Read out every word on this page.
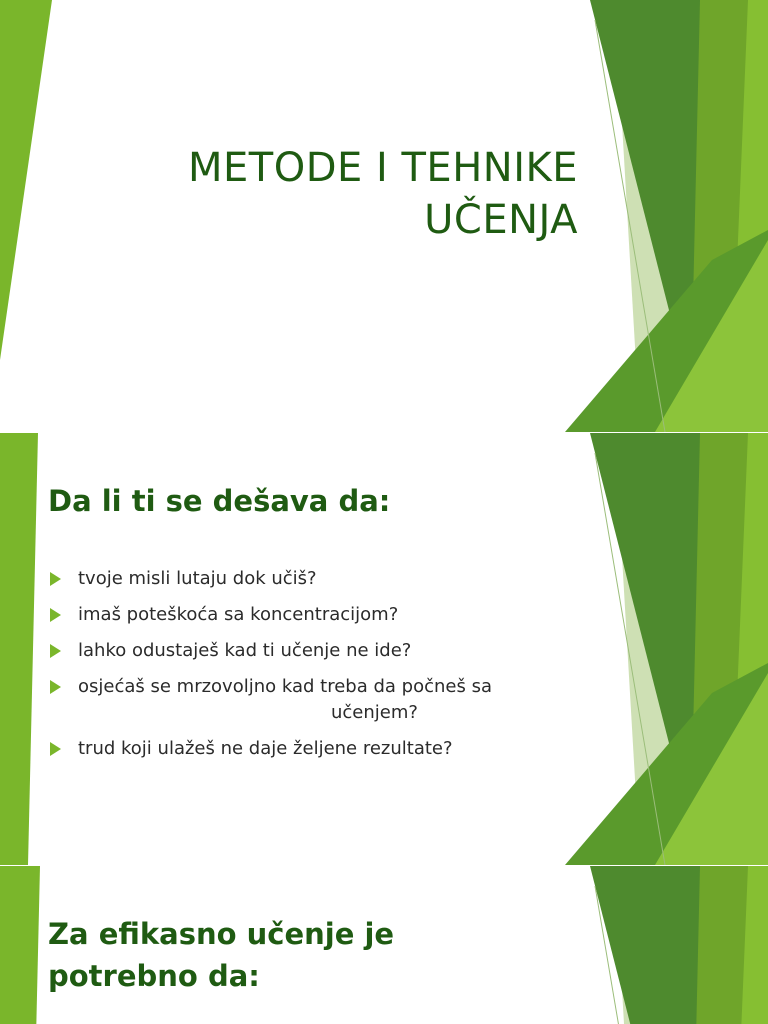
METODE I TEHNIKE UČENJA
Da li ti se dešava da:
tvoje misli lutaju dok učiš?
imaš poteškoća sa koncentracijom?
lahko odustaješ kad ti učenje ne ide?
osjećaš se mrzovoljno kad treba da počneš sa
učenjem?
trud koji ulažeš ne daje željene rezultate?
Za efikasno učenje je potrebno da:
